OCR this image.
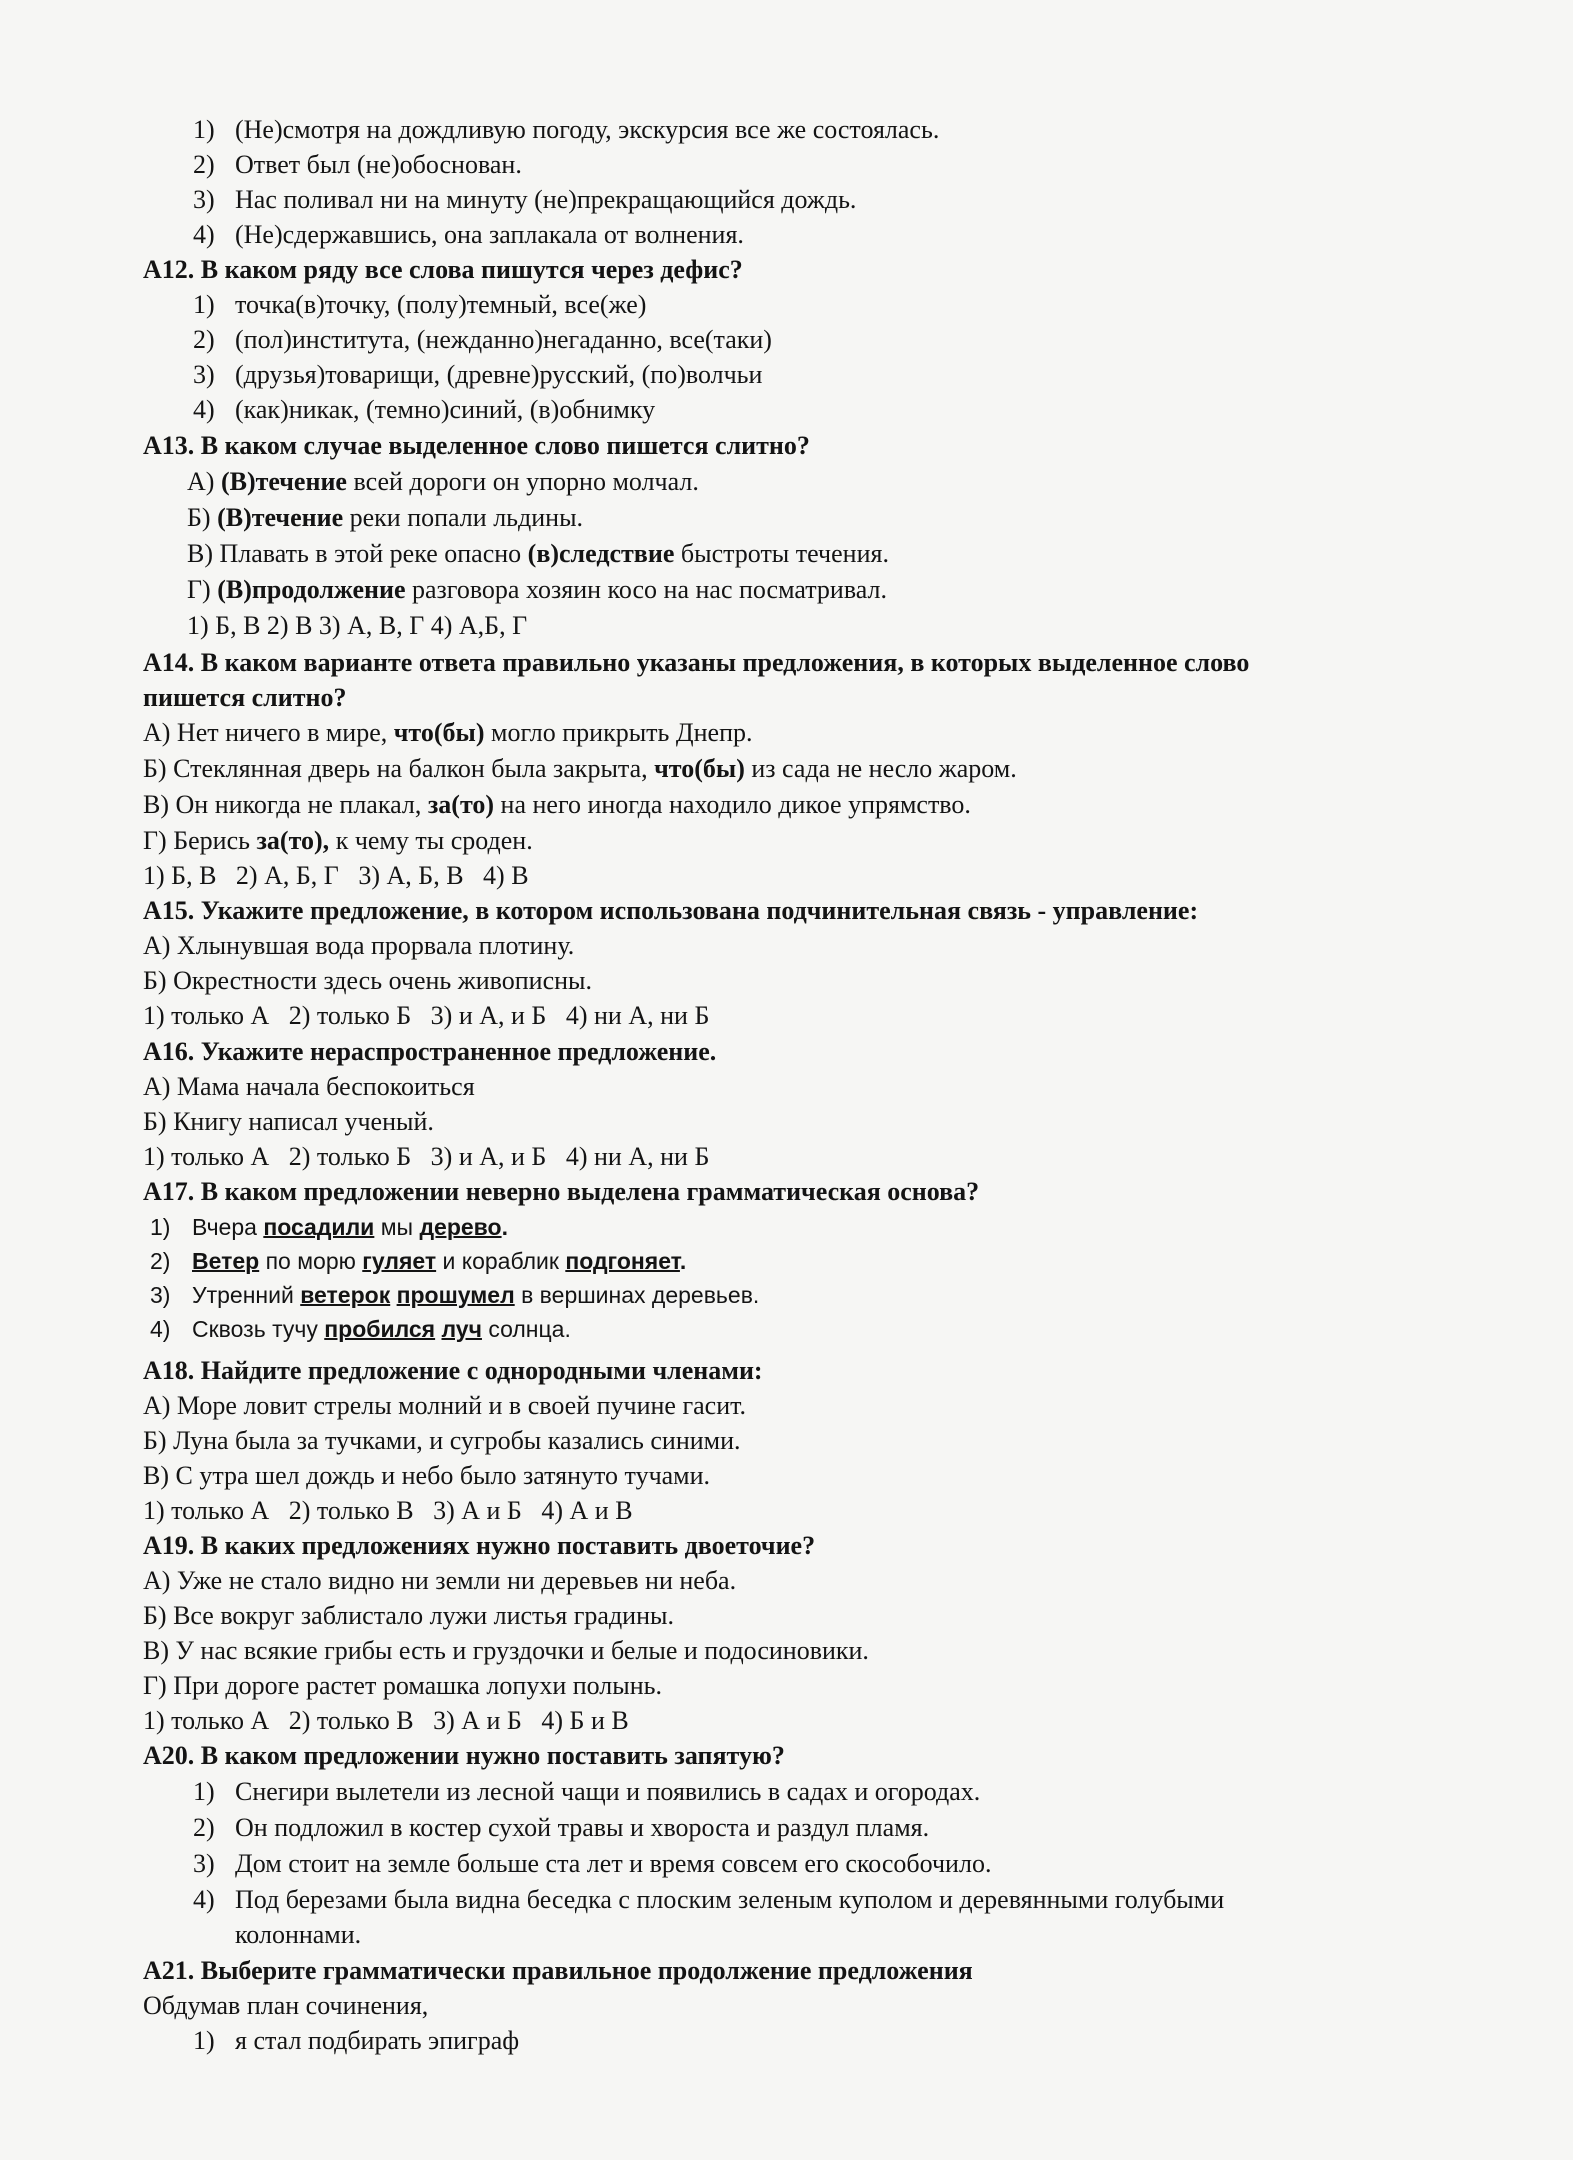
1) (Не)смотря на дождливую погоду, экскурсия все же состоялась.
2) Ответ был (не)обоснован.
3) Нас поливал ни на минуту (не)прекращающийся дождь.
4) (Не)сдержавшись, она заплакала от волнения.
А12. В каком ряду все слова пишутся через дефис?
1) точка(в)точку, (полу)темный, все(же)
2) (пол)института, (нежданно)негаданно, все(таки)
3) (друзья)товарищи, (древне)русский, (по)волчьи
4) (как)никак, (темно)синий, (в)обнимку
А13. В каком случае выделенное слово пишется слитно?
А) (В)течение всей дороги он упорно молчал.
Б) (В)течение реки попали льдины.
В) Плавать в этой реке опасно (в)следствие быстроты течения.
Г) (В)продолжение разговора хозяин косо на нас посматривал.
1) Б, В 2) В 3) А, В, Г 4) А,Б, Г
А14. В каком варианте ответа правильно указаны предложения, в которых выделенное слово
пишется слитно?
А) Нет ничего в мире, что(бы) могло прикрыть Днепр.
Б) Стеклянная дверь на балкон была закрыта, что(бы) из сада не несло жаром.
В) Он никогда не плакал, за(то) на него иногда находило дикое упрямство.
Г) Берись за(то), к чему ты сроден.
1) Б, В   2) А, Б, Г   3) А, Б, В   4) В
А15. Укажите предложение, в котором использована подчинительная связь - управление:
А) Хлынувшая вода прорвала плотину.
Б) Окрестности здесь очень живописны.
1) только А   2) только Б   3) и А, и Б   4) ни А, ни Б
А16. Укажите нераспространенное предложение.
А) Мама начала беспокоиться
Б) Книгу написал ученый.
1) только А   2) только Б   3) и А, и Б   4) ни А, ни Б
А17. В каком предложении неверно выделена грамматическая основа?
1) Вчера посадили мы дерево.
2) Ветер по морю гуляет и кораблик подгоняет.
3) Утренний ветерок прошумел в вершинах деревьев.
4) Сквозь тучу пробился луч солнца.
А18. Найдите предложение с однородными членами:
А) Море ловит стрелы молний и в своей пучине гасит.
Б) Луна была за тучками, и сугробы казались синими.
В) С утра шел дождь и небо было затянуто тучами.
1) только А   2) только В   3) А и Б   4) А и В
А19. В каких предложениях нужно поставить двоеточие?
А) Уже не стало видно ни земли ни деревьев ни неба.
Б) Все вокруг заблистало лужи листья градины.
В) У нас всякие грибы есть и груздочки и белые и подосиновики.
Г) При дороге растет ромашка лопухи полынь.
1) только А   2) только В   3) А и Б   4) Б и В
А20. В каком предложении нужно поставить запятую?
1) Снегири вылетели из лесной чащи и появились в садах и огородах.
2) Он подложил в костер сухой травы и хвороста и раздул пламя.
3) Дом стоит на земле больше ста лет и время совсем его скособочило.
4) Под березами была видна беседка с плоским зеленым куполом и деревянными голубыми
колоннами.
А21. Выберите грамматически правильное продолжение предложения
Обдумав план сочинения,
1) я стал подбирать эпиграф
